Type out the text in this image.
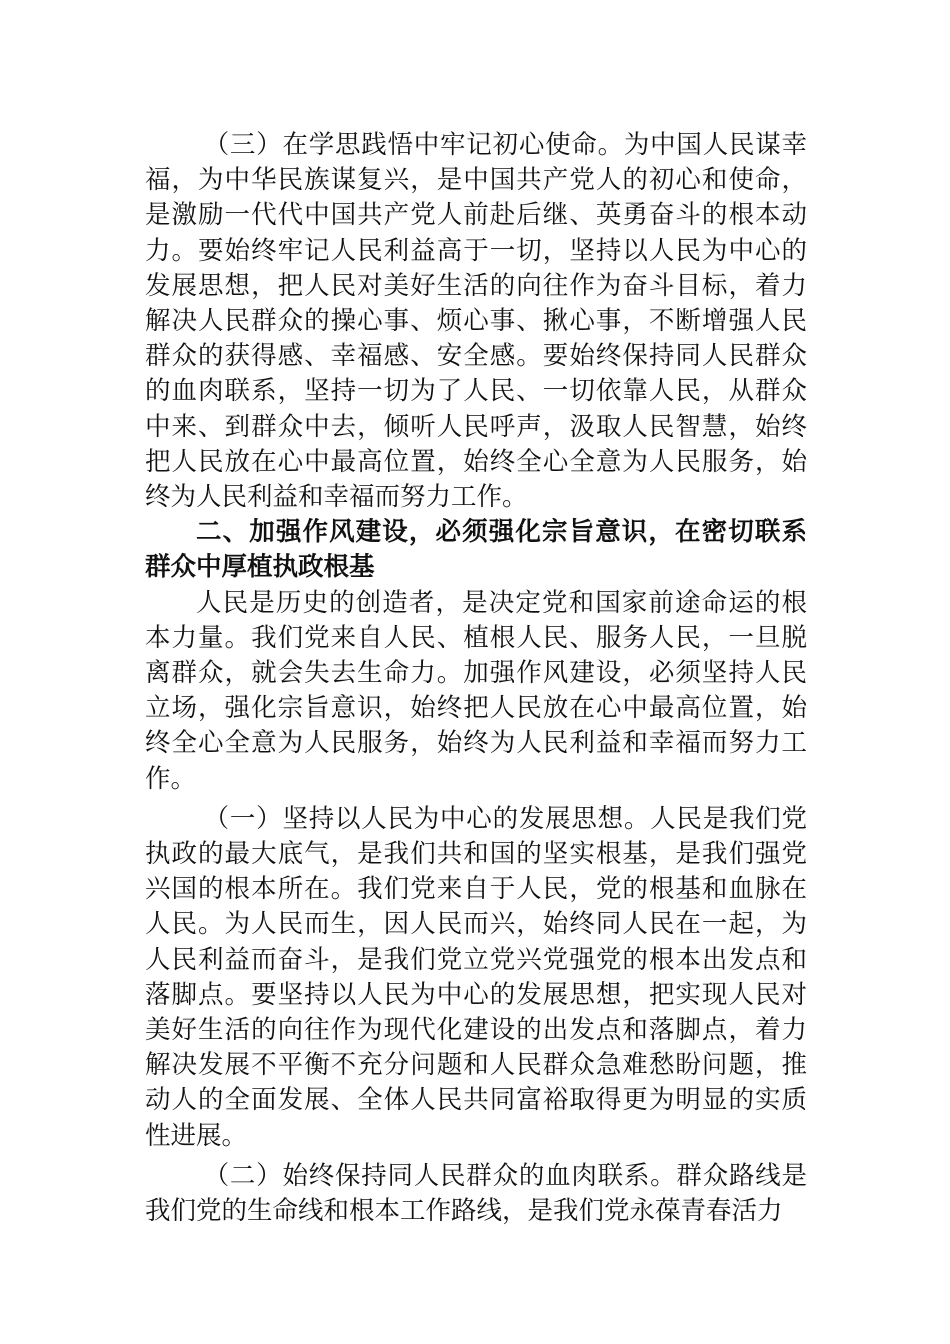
（三）在学思践悟中牢记初心使命。为中国人民谋幸福，为中华民族谋复兴，是中国共产党人的初心和使命，是激励一代代中国共产党人前赴后继、英勇奋斗的根本动力。要始终牢记人民利益高于一切，坚持以人民为中心的发展思想，把人民对美好生活的向往作为奋斗目标，着力解决人民群众的操心事、烦心事、揪心事，不断增强人民群众的获得感、幸福感、安全感。要始终保持同人民群众的血肉联系，坚持一切为了人民、一切依靠人民，从群众中来、到群众中去，倾听人民呼声，汲取人民智慧，始终把人民放在心中最高位置，始终全心全意为人民服务，始终为人民利益和幸福而努力工作。

二、加强作风建设，必须强化宗旨意识，在密切联系群众中厚植执政根基

人民是历史的创造者，是决定党和国家前途命运的根本力量。我们党来自人民、植根人民、服务人民，一旦脱离群众，就会失去生命力。加强作风建设，必须坚持人民立场，强化宗旨意识，始终把人民放在心中最高位置，始终全心全意为人民服务，始终为人民利益和幸福而努力工作。

（一）坚持以人民为中心的发展思想。人民是我们党执政的最大底气，是我们共和国的坚实根基，是我们强党兴国的根本所在。我们党来自于人民，党的根基和血脉在人民。为人民而生，因人民而兴，始终同人民在一起，为人民利益而奋斗，是我们党立党兴党强党的根本出发点和落脚点。要坚持以人民为中心的发展思想，把实现人民对美好生活的向往作为现代化建设的出发点和落脚点，着力解决发展不平衡不充分问题和人民群众急难愁盼问题，推动人的全面发展、全体人民共同富裕取得更为明显的实质性进展。

（二）始终保持同人民群众的血肉联系。群众路线是我们党的生命线和根本工作路线，是我们党永葆青春活力
